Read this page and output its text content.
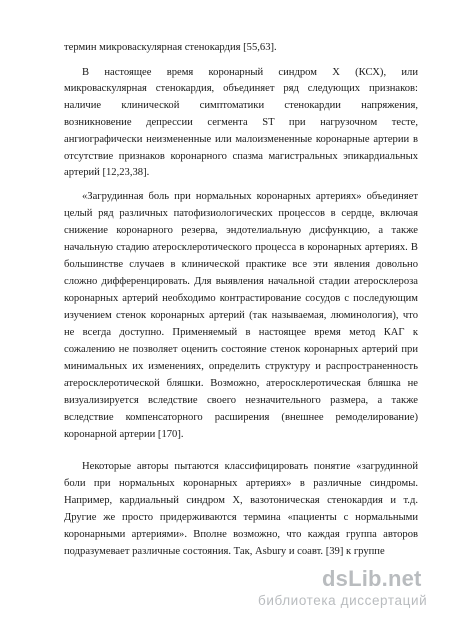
термин микроваскулярная стенокардия [55,63].
В настоящее время коронарный синдром X (КСХ), или
микроваскулярная стенокардия, объединяет ряд следующих признаков:
наличие клинической симптоматики стенокардии напряжения,
возникновение депрессии сегмента ST при нагрузочном тесте,
ангиографически неизмененные или малоизмененные коронарные артерии в
отсутствие признаков коронарного спазма магистральных эпикардиальных
артерий [12,23,38].
«Загрудинная боль при нормальных коронарных артериях» объединяет
целый ряд различных патофизиологических процессов в сердце, включая
снижение коронарного резерва, эндотелиальную дисфункцию, а также
начальную стадию атеросклеротического процесса в коронарных артериях. В
большинстве случаев в клинической практике все эти явления довольно
сложно дифференцировать. Для выявления начальной стадии атеросклероза
коронарных артерий необходимо контрастирование сосудов с последующим
изучением стенок коронарных артерий (так называемая, люминология), что
не всегда доступно. Применяемый в настоящее время метод КАГ к
сожалению не позволяет оценить состояние стенок коронарных артерий при
минимальных их изменениях, определить структуру и распространенность
атеросклеротической бляшки. Возможно, атеросклеротическая бляшка не
визуализируется вследствие своего незначительного размера, а также
вследствие компенсаторного расширения (внешнее ремоделирование)
коронарной артерии [170].
Некоторые авторы пытаются классифицировать понятие «загрудинной
боли при нормальных коронарных артериях» в различные синдромы.
Например, кардиальный синдром X, вазотоническая стенокардия и т.д.
Другие же просто придерживаются термина «пациенты с нормальными
коронарными артериями». Вполне возможно, что каждая группа авторов
подразумевает различные состояния. Так, Asbury и соавт. [39] к группе
dsLib.net
библиотека диссертаций
